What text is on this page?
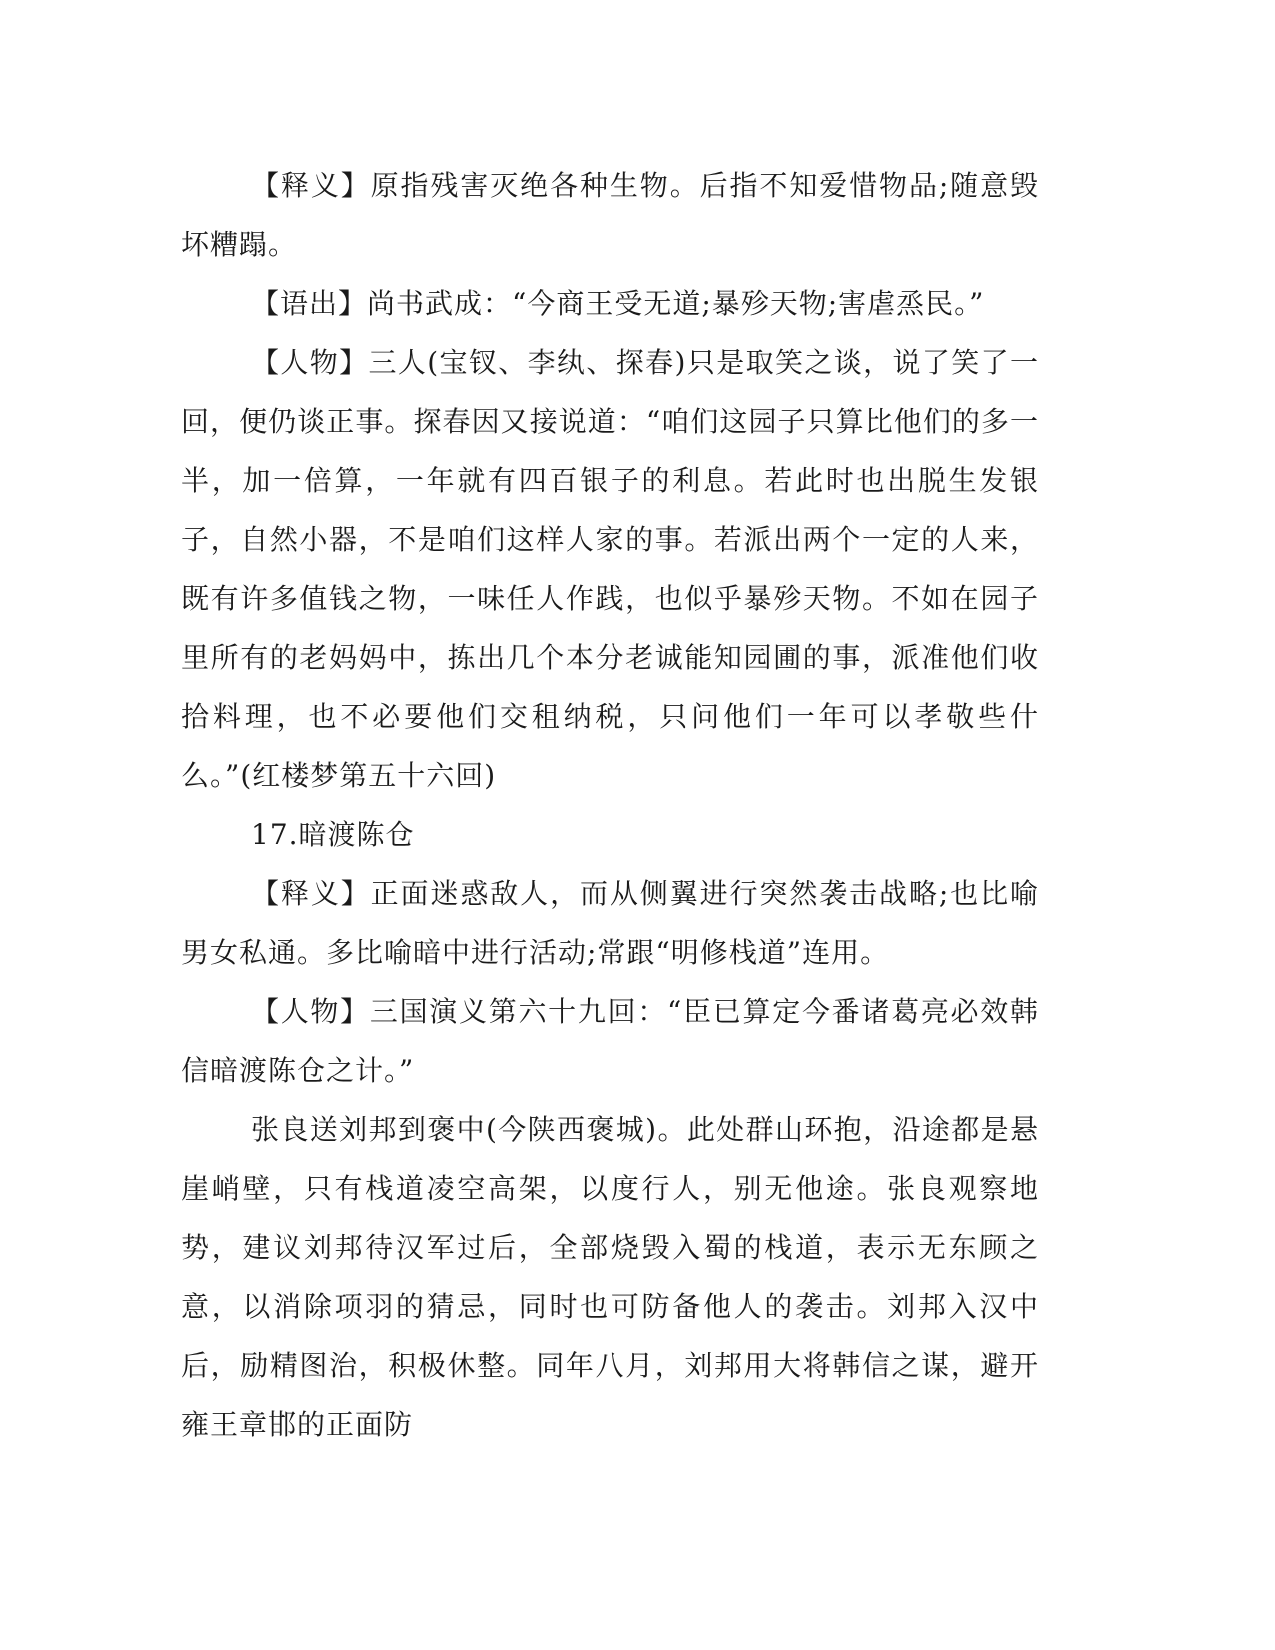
【释义】原指残害灭绝各种生物。后指不知爱惜物品;随意毁坏糟蹋。

【语出】尚书武成：“今商王受无道;暴殄天物;害虐烝民。”

【人物】三人(宝钗、李纨、探春)只是取笑之谈，说了笑了一回，便仍谈正事。探春因又接说道：“咱们这园子只算比他们的多一半，加一倍算，一年就有四百银子的利息。若此时也出脱生发银子，自然小器，不是咱们这样人家的事。若派出两个一定的人来，既有许多值钱之物，一味任人作践，也似乎暴殄天物。不如在园子里所有的老妈妈中，拣出几个本分老诚能知园圃的事，派准他们收拾料理，也不必要他们交租纳税，只问他们一年可以孝敬些什么。”(红楼梦第五十六回)

17.暗渡陈仓

【释义】正面迷惑敌人，而从侧翼进行突然袭击战略;也比喻男女私通。多比喻暗中进行活动;常跟“明修栈道”连用。

【人物】三国演义第六十九回：“臣已算定今番诸葛亮必效韩信暗渡陈仓之计。”

张良送刘邦到褒中(今陕西褒城)。此处群山环抱，沿途都是悬崖峭壁，只有栈道凌空高架，以度行人，别无他途。张良观察地势，建议刘邦待汉军过后，全部烧毁入蜀的栈道，表示无东顾之意，以消除项羽的猜忌，同时也可防备他人的袭击。刘邦入汉中后，励精图治，积极休整。同年八月，刘邦用大将韩信之谋，避开雍王章邯的正面防
